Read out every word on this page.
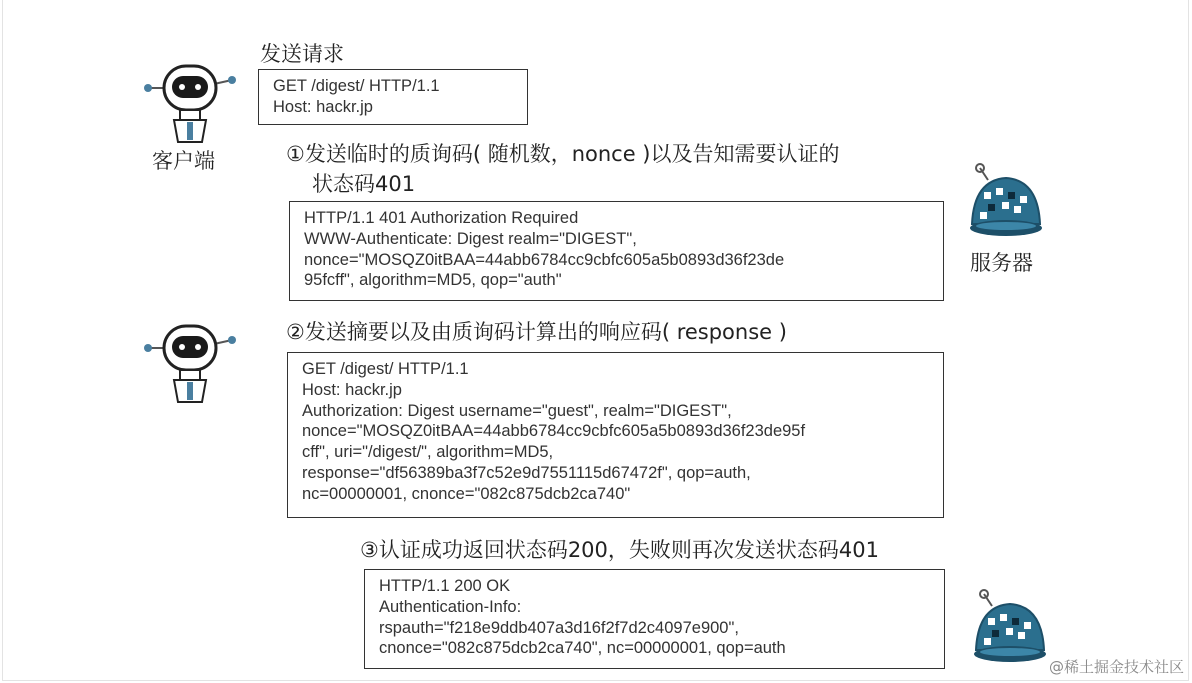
客户端
发送请求
GET /digest/ HTTP/1.1
Host: hackr.jp
①发送临时的质询码( 随机数，nonce )以及告知需要认证的
状态码401
HTTP/1.1 401 Authorization Required
WWW-Authenticate: Digest realm="DIGEST",
nonce="MOSQZ0itBAA=44abb6784cc9cbfc605a5b0893d36f23de
95fcff", algorithm=MD5, qop="auth"
服务器
②发送摘要以及由质询码计算出的响应码( response )
GET /digest/ HTTP/1.1
Host: hackr.jp
Authorization: Digest username="guest", realm="DIGEST",
nonce="MOSQZ0itBAA=44abb6784cc9cbfc605a5b0893d36f23de95f
cff", uri="/digest/", algorithm=MD5,
response="df56389ba3f7c52e9d7551115d67472f", qop=auth,
nc=00000001, cnonce="082c875dcb2ca740"
③认证成功返回状态码200，失败则再次发送状态码401
HTTP/1.1 200 OK
Authentication-Info:
rspauth="f218e9ddb407a3d16f2f7d2c4097e900",
cnonce="082c875dcb2ca740", nc=00000001, qop=auth
@稀土掘金技术社区
